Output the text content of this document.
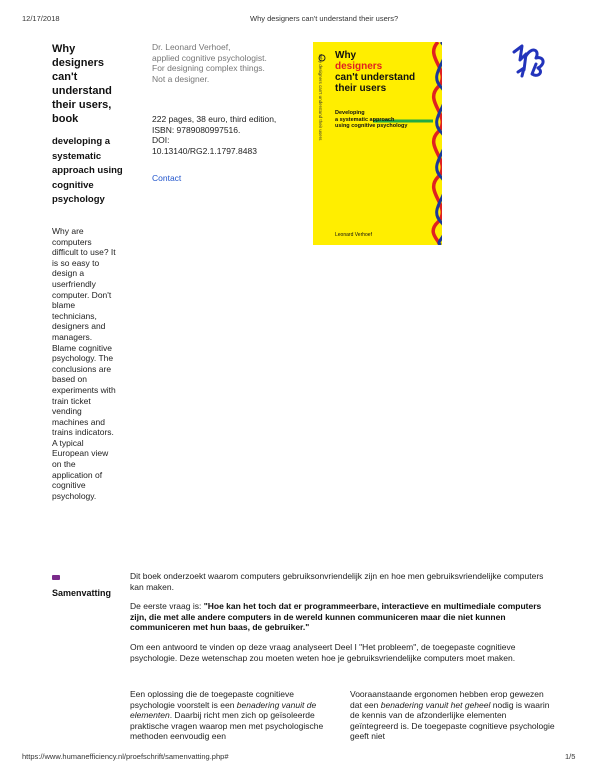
12/17/2018	Why designers can't understand their users?
Why designers can't understand their users, book
developing a systematic approach using cognitive psychology
Why are computers difficult to use? It is so easy to design a userfriendly computer. Don't blame technicians, designers and managers. Blame cognitive psychology. The conclusions are based on experiments with train ticket vending machines and trains indicators. A typical European view on the application of cognitive psychology.
Dr. Leonard Verhoef,
applied cognitive psychologist.
For designing complex things.
Not a designer.
222 pages, 38 euro, third edition,
ISBN: 9789080997516.
DOI:
10.13140/RG2.1.1797.8483
Contact
Why designers can't understand their users Why
designers
can't understand
their users
Developing
a systematic approach
using cognitive psychology
Leonard Verhoef
Samenvatting
Dit boek onderzoekt waarom computers gebruiksonvriendelijk zijn en hoe men gebruiksvriendelijke computers kan maken.
De eerste vraag is: "Hoe kan het toch dat er programmeerbare, interactieve en multimediale computers zijn, die met alle andere computers in de wereld kunnen communiceren maar die niet kunnen communiceren met hun baas, de gebruiker."
Om een antwoord te vinden op deze vraag analyseert Deel I "Het probleem", de toegepaste cognitieve psychologie. Deze wetenschap zou moeten weten hoe je gebruiksvriendelijke computers moet maken.
Een oplossing die de toegepaste cognitieve psychologie voorstelt is een benadering vanuit de elementen. Daarbij richt men zich op geïsoleerde praktische vragen waarop men met psychologische methoden eenvoudig een
Vooraanstaande ergonomen hebben erop gewezen dat een benadering vanuit het geheel nodig is waarin de kennis van de afzonderlijke elementen geïntegreerd is. De toegepaste cognitieve psychologie geeft niet
https://www.humanefficiency.nl/proefschrift/samenvatting.php#	1/5
